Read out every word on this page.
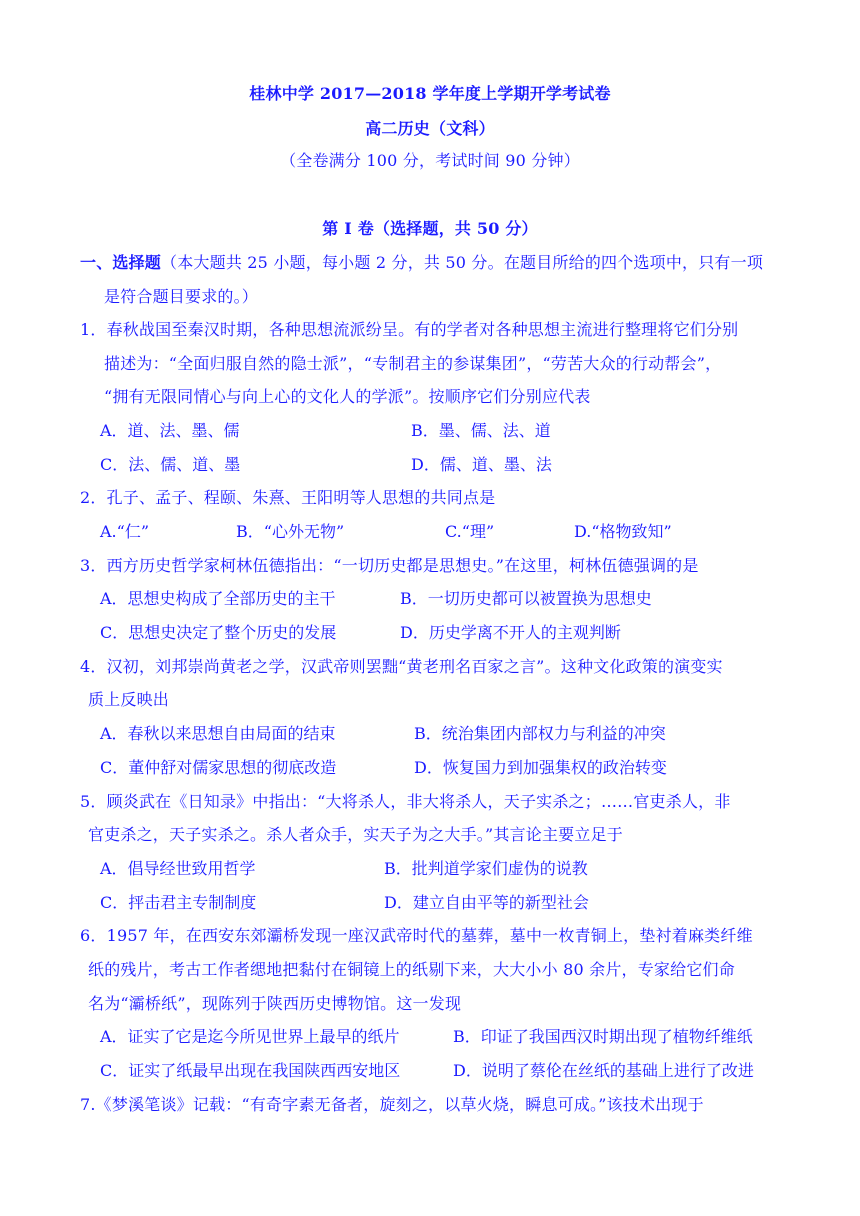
桂林中学 2017—2018 学年度上学期开学考试卷
高二历史（文科）
（全卷满分 100 分，考试时间 90 分钟）
第 I 卷（选择题，共 50 分）
一、选择题（本大题共 25 小题，每小题 2 分，共 50 分。在题目所给的四个选项中，只有一项
是符合题目要求的。）
1．春秋战国至秦汉时期，各种思想流派纷呈。有的学者对各种思想主流进行整理将它们分别
描述为：“全面归服自然的隐士派”，“专制君主的参谋集团”，“劳苦大众的行动帮会”，
“拥有无限同情心与向上心的文化人的学派”。按顺序它们分别应代表
A．道、法、墨、儒	B．墨、儒、法、道
C．法、儒、道、墨	D．儒、道、墨、法
2．孔子、孟子、程颐、朱熹、王阳明等人思想的共同点是
A.“仁”	B．“心外无物”	C.“理”	D.“格物致知”
3．西方历史哲学家柯林伍德指出：“一切历史都是思想史。”在这里，柯林伍德强调的是
A．思想史构成了全部历史的主干	B．一切历史都可以被置换为思想史
C．思想史决定了整个历史的发展	D．历史学离不开人的主观判断
4．汉初，刘邦崇尚黄老之学，汉武帝则罢黜“黄老刑名百家之言”。这种文化政策的演变实
质上反映出
A．春秋以来思想自由局面的结束	B．统治集团内部权力与利益的冲突
C．董仲舒对儒家思想的彻底改造	D．恢复国力到加强集权的政治转变
5．顾炎武在《日知录》中指出：“大将杀人，非大将杀人，天子实杀之；……官吏杀人，非
官吏杀之，天子实杀之。杀人者众手，实天子为之大手。”其言论主要立足于
A．倡导经世致用哲学	B．批判道学家们虚伪的说教
C．抨击君主专制制度	D．建立自由平等的新型社会
6．1957 年，在西安东郊灞桥发现一座汉武帝时代的墓葬，墓中一枚青铜上，垫衬着麻类纤维
纸的残片，考古工作者缌地把黏付在铜镜上的纸剔下来，大大小小 80 余片，专家给它们命
名为“灞桥纸”，现陈列于陕西历史博物馆。这一发现
A．证实了它是迄今所见世界上最早的纸片	B．印证了我国西汉时期出现了植物纤维纸
C．证实了纸最早出现在我国陕西西安地区	D．说明了蔡伦在丝纸的基础上进行了改进
7.《梦溪笔谈》记载：“有奇字素无备者，旋刻之，以草火烧，瞬息可成。”该技术出现于
